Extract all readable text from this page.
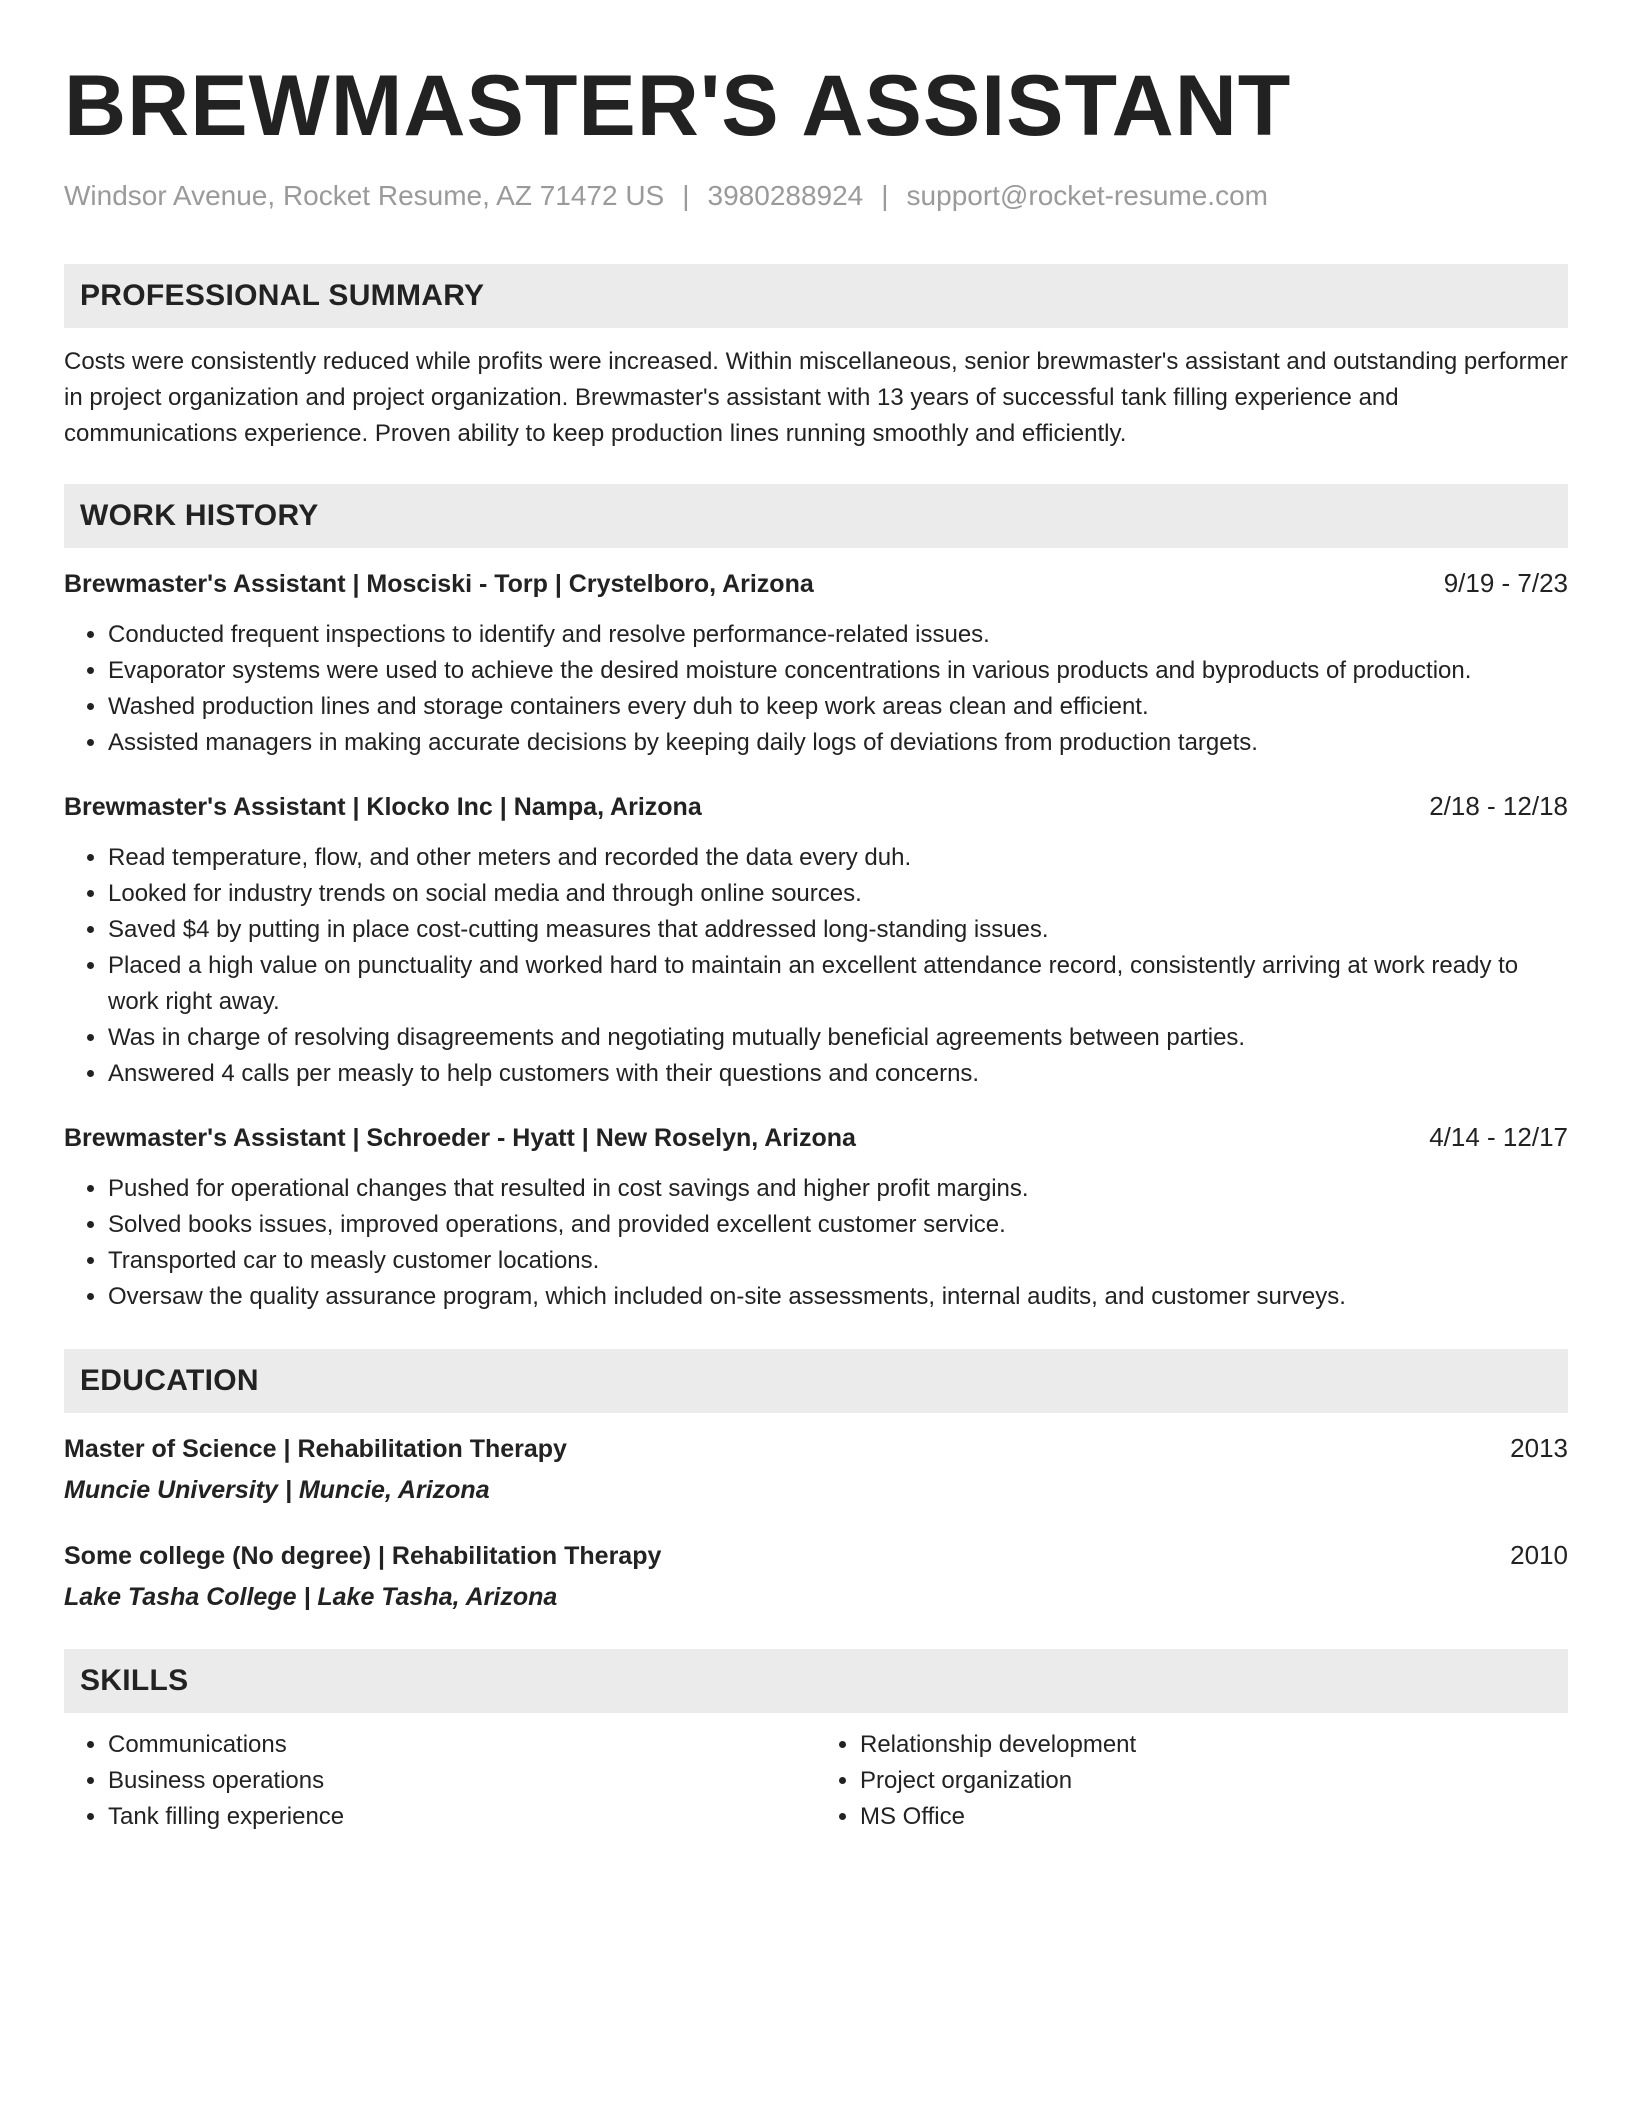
BREWMASTER'S ASSISTANT
Windsor Avenue, Rocket Resume, AZ 71472 US | 3980288924 | support@rocket-resume.com
PROFESSIONAL SUMMARY
Costs were consistently reduced while profits were increased. Within miscellaneous, senior brewmaster's assistant and outstanding performer in project organization and project organization. Brewmaster's assistant with 13 years of successful tank filling experience and communications experience. Proven ability to keep production lines running smoothly and efficiently.
WORK HISTORY
Brewmaster's Assistant | Mosciski - Torp | Crystelboro, Arizona	9/19 - 7/23
• Conducted frequent inspections to identify and resolve performance-related issues.
• Evaporator systems were used to achieve the desired moisture concentrations in various products and byproducts of production.
• Washed production lines and storage containers every duh to keep work areas clean and efficient.
• Assisted managers in making accurate decisions by keeping daily logs of deviations from production targets.
Brewmaster's Assistant | Klocko Inc | Nampa, Arizona	2/18 - 12/18
• Read temperature, flow, and other meters and recorded the data every duh.
• Looked for industry trends on social media and through online sources.
• Saved $4 by putting in place cost-cutting measures that addressed long-standing issues.
• Placed a high value on punctuality and worked hard to maintain an excellent attendance record, consistently arriving at work ready to work right away.
• Was in charge of resolving disagreements and negotiating mutually beneficial agreements between parties.
• Answered 4 calls per measly to help customers with their questions and concerns.
Brewmaster's Assistant | Schroeder - Hyatt | New Roselyn, Arizona	4/14 - 12/17
• Pushed for operational changes that resulted in cost savings and higher profit margins.
• Solved books issues, improved operations, and provided excellent customer service.
• Transported car to measly customer locations.
• Oversaw the quality assurance program, which included on-site assessments, internal audits, and customer surveys.
EDUCATION
Master of Science | Rehabilitation Therapy	2013
Muncie University | Muncie, Arizona
Some college (No degree) | Rehabilitation Therapy	2010
Lake Tasha College | Lake Tasha, Arizona
SKILLS
• Communications
• Business operations
• Tank filling experience
• Relationship development
• Project organization
• MS Office
